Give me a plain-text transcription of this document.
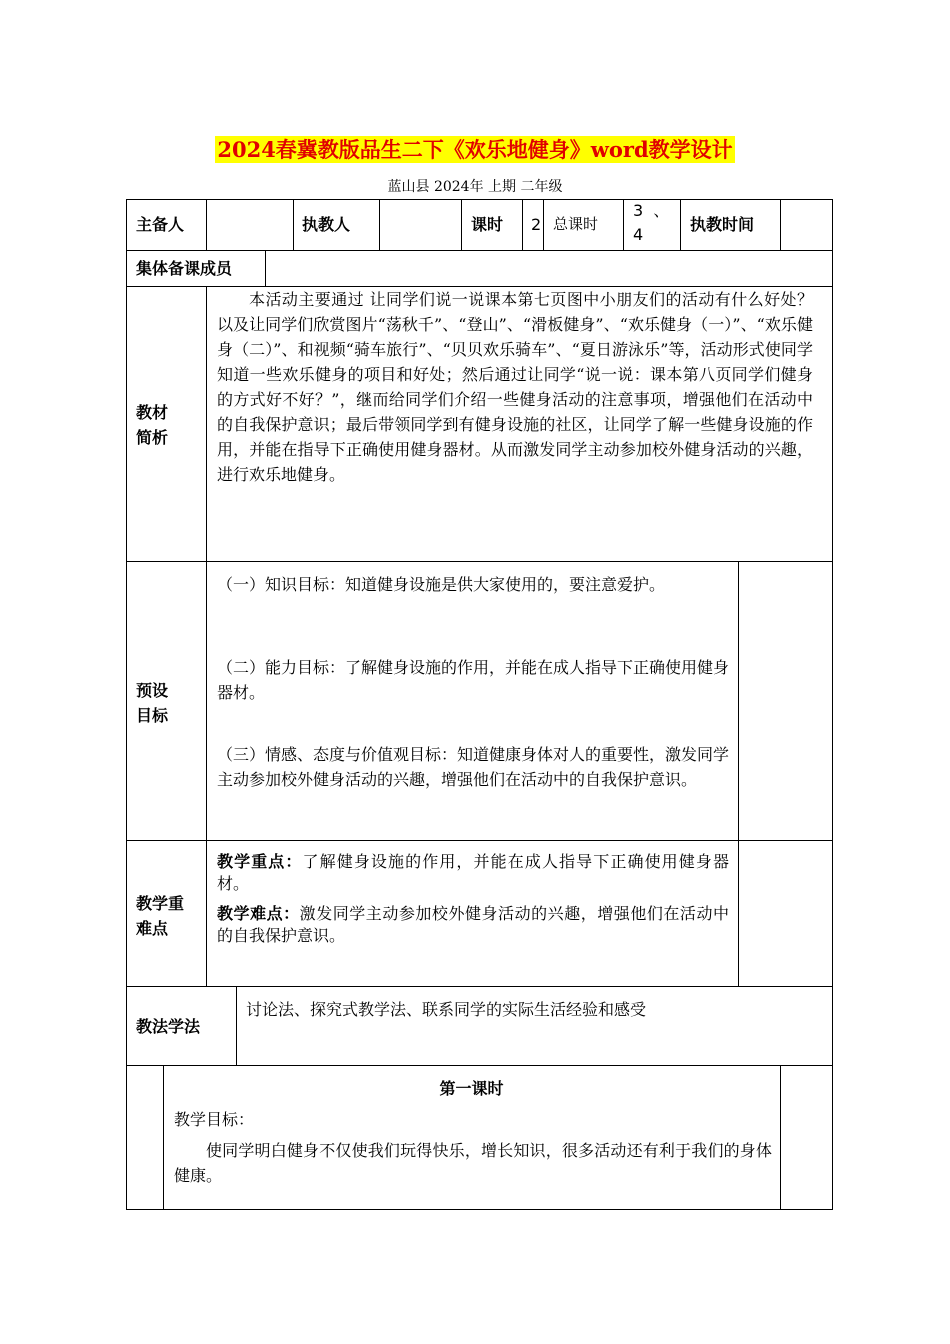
2024春冀教版品生二下《欢乐地健身》word教学设计
蓝山县 2024年 上期 二年级
主备人	执教人	课时 2 总课时
3  、
4
执教时间
集体备课成员
教材
简析
本活动主要通过 让同学们说一说课本第七页图中小朋友们的活动有什么好处？以及让同学们欣赏图片“荡秋千”、“登山”、“滑板健身”、“欢乐健身（一）”、“欢乐健身（二）”、和视频“骑车旅行”、“贝贝欢乐骑车”、“夏日游泳乐”等，活动形式使同学知道一些欢乐健身的项目和好处；然后通过让同学“说一说：课本第八页同学们健身的方式好不好？”，继而给同学们介绍一些健身活动的注意事项，增强他们在活动中的自我保护意识；最后带领同学到有健身设施的社区，让同学了解一些健身设施的作用，并能在指导下正确使用健身器材。从而激发同学主动参加校外健身活动的兴趣，进行欢乐地健身。
预设
目标
（一）知识目标：知道健身设施是供大家使用的，要注意爱护。
（二）能力目标：了解健身设施的作用，并能在成人指导下正确使用健身器材。
（三）情感、态度与价值观目标：知道健康身体对人的重要性，激发同学主动参加校外健身活动的兴趣，增强他们在活动中的自我保护意识。
教学重
难点
教学重点：了解健身设施的作用，并能在成人指导下正确使用健身器材。
教学难点：激发同学主动参加校外健身活动的兴趣，增强他们在活动中的自我保护意识。
教法学法
讨论法、探究式教学法、联系同学的实际生活经验和感受
第一课时
教学目标：
使同学明白健身不仅使我们玩得快乐，增长知识，很多活动还有利于我们的身体健康。
